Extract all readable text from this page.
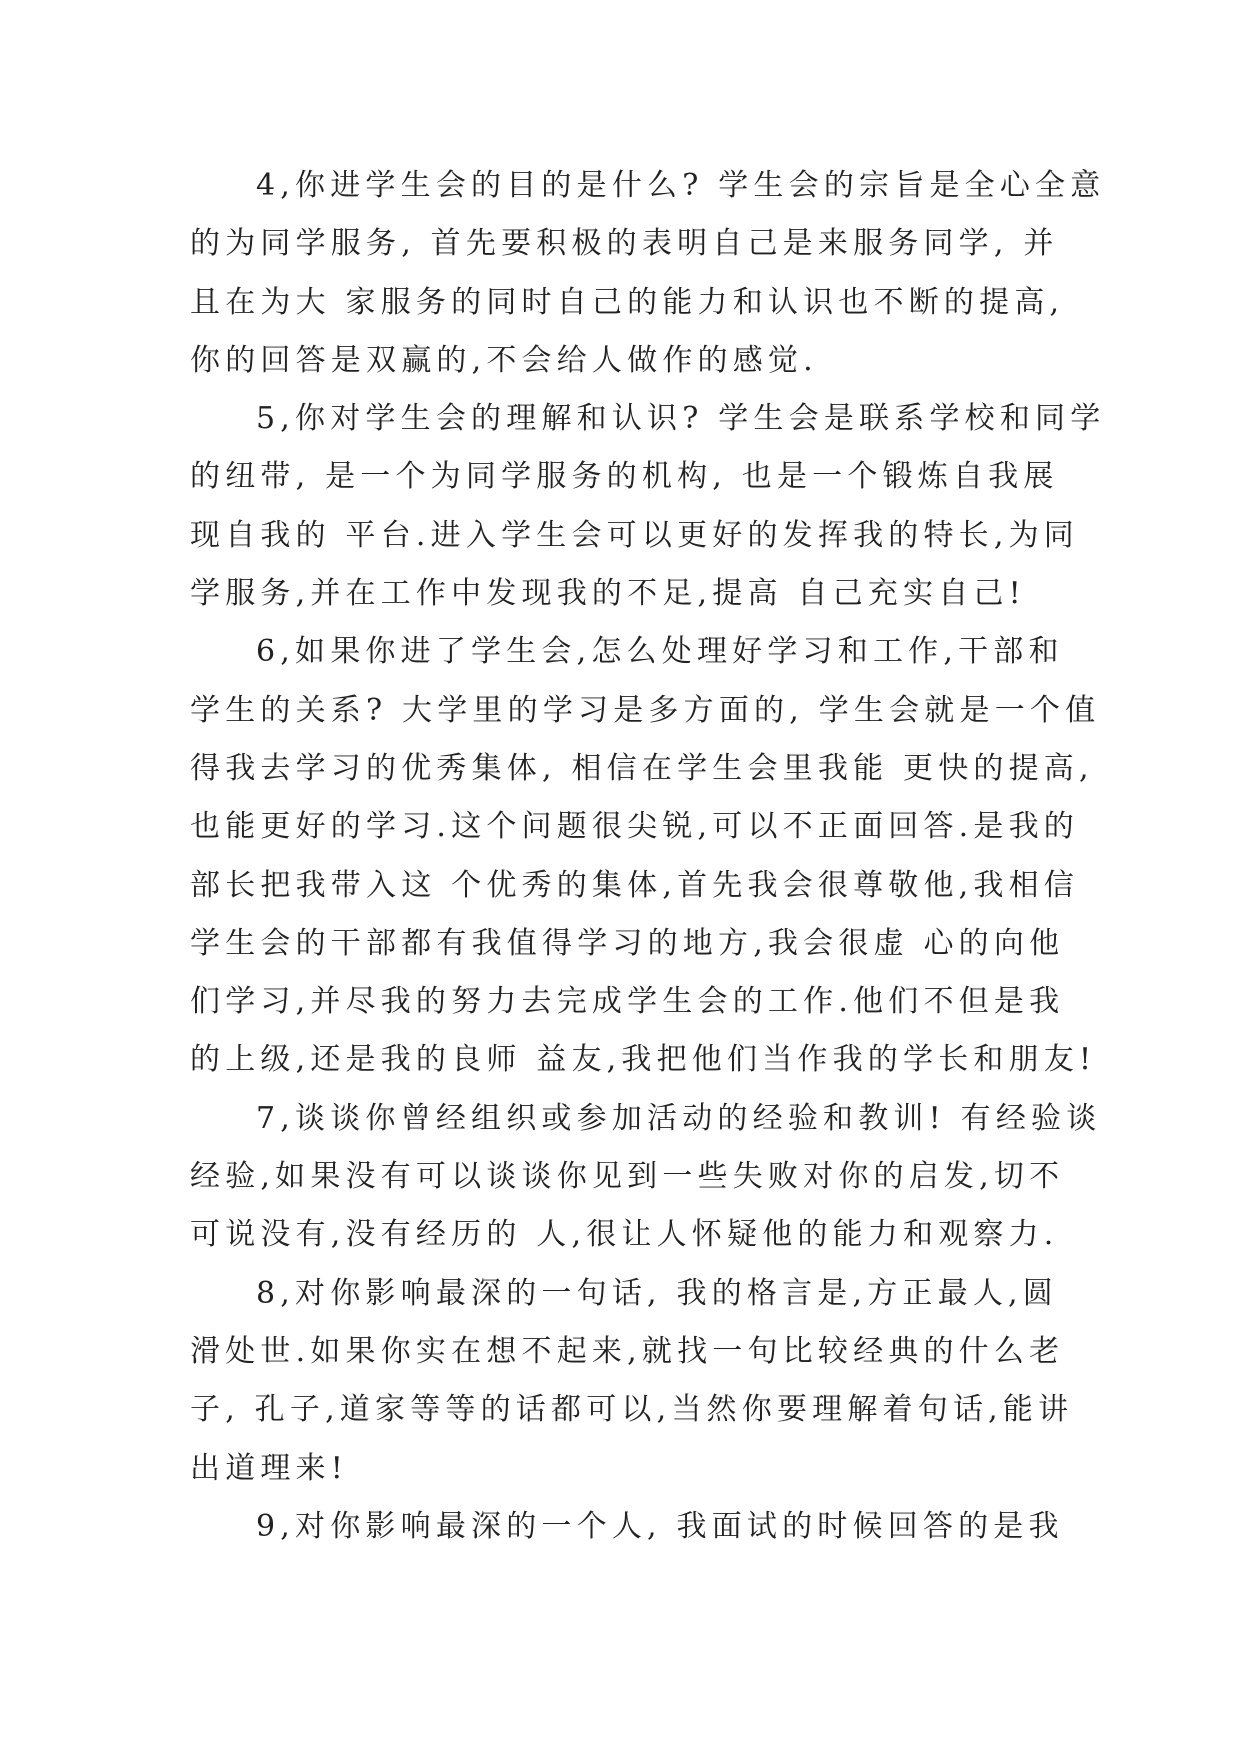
4,你进学生会的目的是什么? 学生会的宗旨是全心全意
的为同学服务, 首先要积极的表明自己是来服务同学, 并
且在为大 家服务的同时自己的能力和认识也不断的提高,
你的回答是双赢的,不会给人做作的感觉.

5,你对学生会的理解和认识? 学生会是联系学校和同学
的纽带, 是一个为同学服务的机构, 也是一个锻炼自我展
现自我的 平台.进入学生会可以更好的发挥我的特长,为同
学服务,并在工作中发现我的不足,提高 自己充实自己!

6,如果你进了学生会,怎么处理好学习和工作,干部和
学生的关系? 大学里的学习是多方面的, 学生会就是一个值
得我去学习的优秀集体, 相信在学生会里我能 更快的提高,
也能更好的学习.这个问题很尖锐,可以不正面回答.是我的
部长把我带入这 个优秀的集体,首先我会很尊敬他,我相信
学生会的干部都有我值得学习的地方,我会很虚 心的向他
们学习,并尽我的努力去完成学生会的工作.他们不但是我
的上级,还是我的良师 益友,我把他们当作我的学长和朋友!

7,谈谈你曾经组织或参加活动的经验和教训! 有经验谈
经验,如果没有可以谈谈你见到一些失败对你的启发,切不
可说没有,没有经历的 人,很让人怀疑他的能力和观察力.

8,对你影响最深的一句话, 我的格言是,方正最人,圆
滑处世.如果你实在想不起来,就找一句比较经典的什么老
子, 孔子,道家等等的话都可以,当然你要理解着句话,能讲
出道理来!

9,对你影响最深的一个人, 我面试的时候回答的是我
